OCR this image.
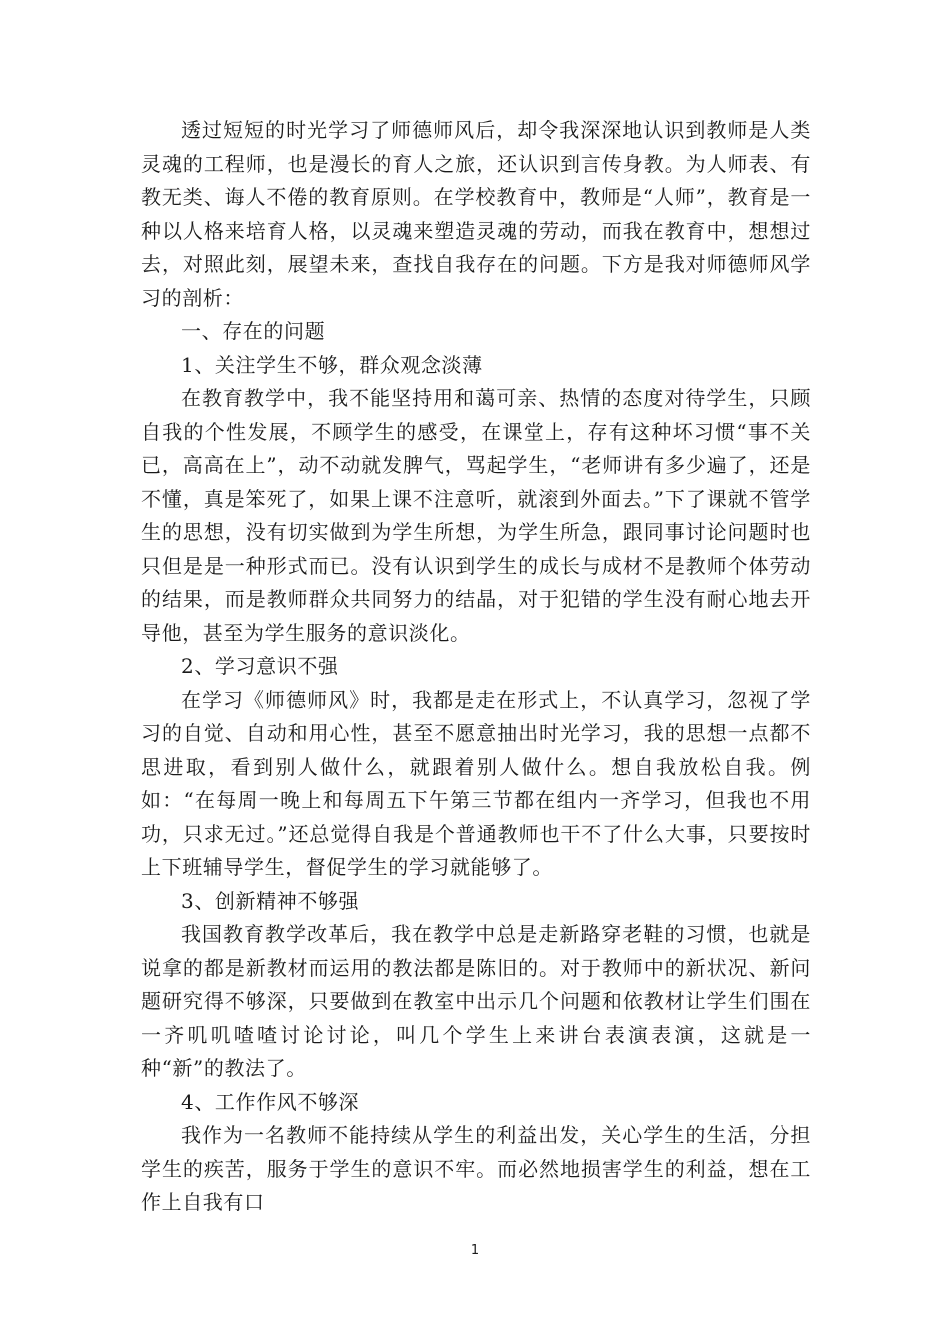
透过短短的时光学习了师德师风后，却令我深深地认识到教师是人类灵魂的工程师，也是漫长的育人之旅，还认识到言传身教。为人师表、有教无类、诲人不倦的教育原则。在学校教育中，教师是“人师”，教育是一种以人格来培育人格，以灵魂来塑造灵魂的劳动，而我在教育中，想想过去，对照此刻，展望未来，查找自我存在的问题。下方是我对师德师风学习的剖析：

一、存在的问题

1、关注学生不够，群众观念淡薄

在教育教学中，我不能坚持用和蔼可亲、热情的态度对待学生，只顾自我的个性发展，不顾学生的感受，在课堂上，存有这种坏习惯“事不关已，高高在上”，动不动就发脾气，骂起学生，“老师讲有多少遍了，还是不懂，真是笨死了，如果上课不注意听，就滚到外面去。”下了课就不管学生的思想，没有切实做到为学生所想，为学生所急，跟同事讨论问题时也只但是是一种形式而已。没有认识到学生的成长与成材不是教师个体劳动的结果，而是教师群众共同努力的结晶，对于犯错的学生没有耐心地去开导他，甚至为学生服务的意识淡化。

2、学习意识不强

在学习《师德师风》时，我都是走在形式上，不认真学习，忽视了学习的自觉、自动和用心性，甚至不愿意抽出时光学习，我的思想一点都不思进取，看到别人做什么，就跟着别人做什么。想自我放松自我。例如：“在每周一晚上和每周五下午第三节都在组内一齐学习，但我也不用功，只求无过。”还总觉得自我是个普通教师也干不了什么大事，只要按时上下班辅导学生，督促学生的学习就能够了。

3、创新精神不够强

我国教育教学改革后，我在教学中总是走新路穿老鞋的习惯，也就是说拿的都是新教材而运用的教法都是陈旧的。对于教师中的新状况、新问题研究得不够深，只要做到在教室中出示几个问题和依教材让学生们围在一齐叽叽喳喳讨论讨论，叫几个学生上来讲台表演表演，这就是一种“新”的教法了。

4、工作作风不够深

我作为一名教师不能持续从学生的利益出发，关心学生的生活，分担学生的疾苦，服务于学生的意识不牢。而必然地损害学生的利益，想在工作上自我有口

1
